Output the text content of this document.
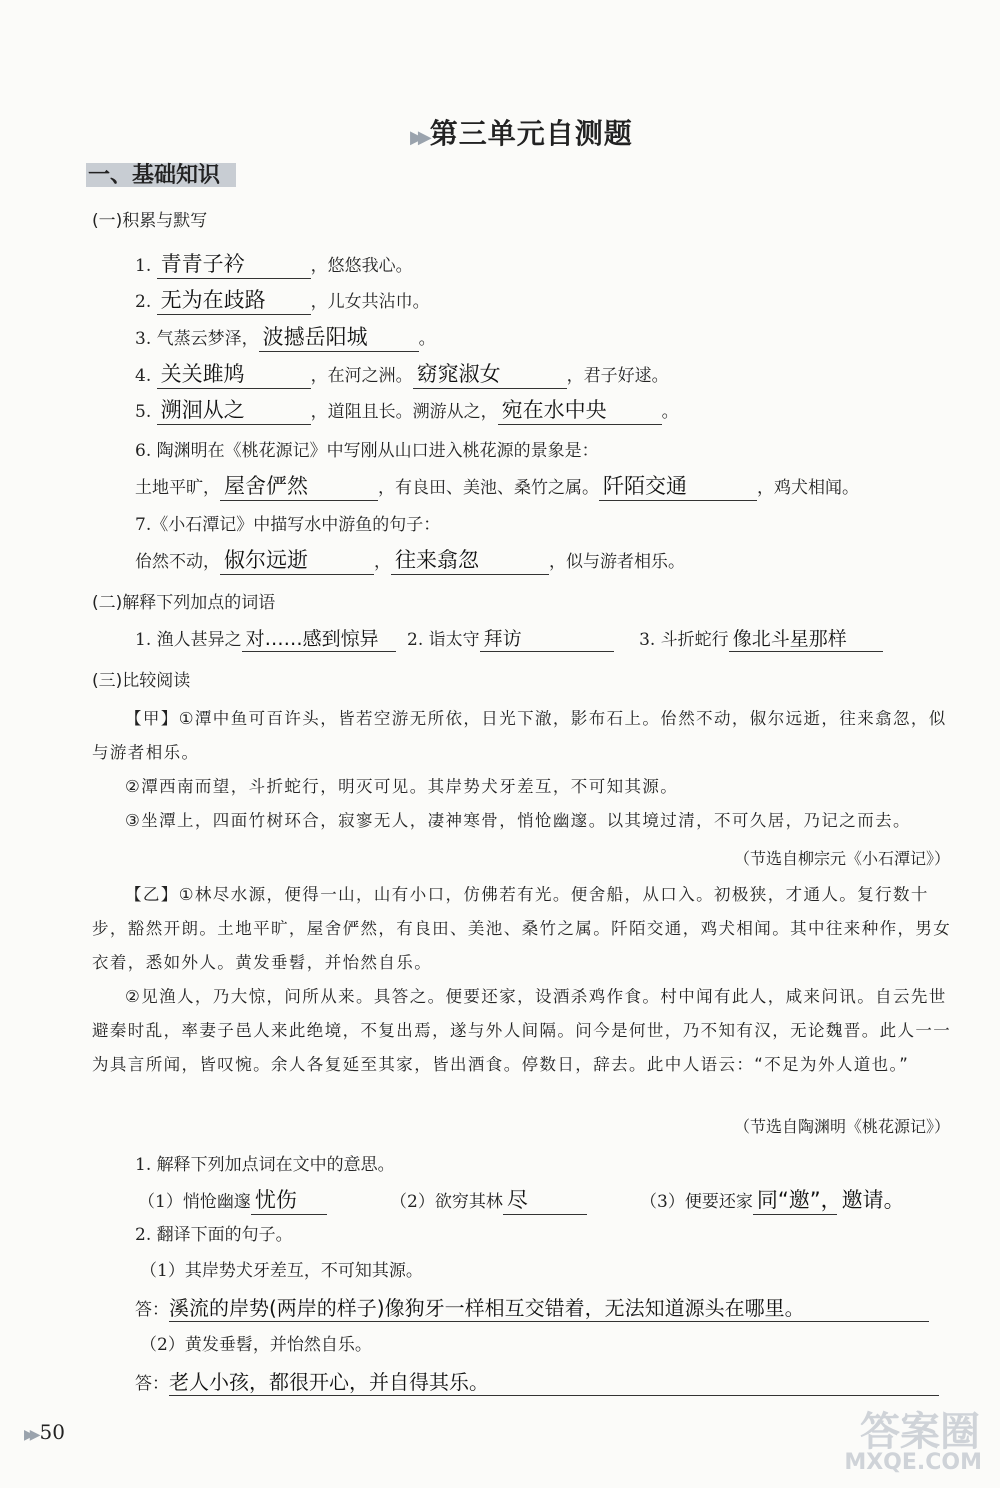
▶▶ 第三单元自测题
一、基础知识
(一)积累与默写
1. 青青子衿	，悠悠我心。
2. 无为在歧路	，儿女共沾巾。
3. 气蒸云梦泽， 波撼岳阳城	。
4. 关关雎鸠	，在河之洲。 窈窕淑女	，君子好逑。
5. 溯洄从之	，道阻且长。溯游从之， 宛在水中央	。
6. 陶渊明在《桃花源记》中写刚从山口进入桃花源的景象是：
土地平旷， 屋舍俨然	，有良田、美池、桑竹之属。 阡陌交通	，鸡犬相闻。
7.《小石潭记》中描写水中游鱼的句子：
佁然不动， 俶尔远逝	， 往来翕忽	，似与游者相乐。
(二)解释下列加点的词语
1. 渔人甚异之 对……感到惊异 2. 诣太守 拜访	3. 斗折蛇行 像北斗星那样
(三)比较阅读

【甲】①潭中鱼可百许头，皆若空游无所依，日光下澈，影布石上。佁然不动，俶尔远逝，往来翕忽，似与游者相乐。

②潭西南而望，斗折蛇行，明灭可见。其岸势犬牙差互，不可知其源。

③坐潭上，四面竹树环合，寂寥无人，凄神寒骨，悄怆幽邃。以其境过清，不可久居，乃记之而去。

（节选自柳宗元《小石潭记》）

【乙】①林尽水源，便得一山，山有小口，仿佛若有光。便舍船，从口入。初极狭，才通人。复行数十步，豁然开朗。土地平旷，屋舍俨然，有良田、美池、桑竹之属。阡陌交通，鸡犬相闻。其中往来种作，男女衣着，悉如外人。黄发垂髫，并怡然自乐。

②见渔人，乃大惊，问所从来。具答之。便要还家，设酒杀鸡作食。村中闻有此人，咸来问讯。自云先世避秦时乱，率妻子邑人来此绝境，不复出焉，遂与外人间隔。问今是何世，乃不知有汉，无论魏晋。此人一一为具言所闻，皆叹惋。余人各复延至其家，皆出酒食。停数日，辞去。此中人语云：“不足为外人道也。”

（节选自陶渊明《桃花源记》）
1. 解释下列加点词在文中的意思。
（1）悄怆幽邃 忧伤	（2）欲穷其林 尽	（3）便要还家 同“邀”，邀请。
2. 翻译下面的句子。
（1）其岸势犬牙差互，不可知其源。
答：溪流的岸势(两岸的样子)像狗牙一样相互交错着，无法知道源头在哪里。
（2）黄发垂髫，并怡然自乐。
答：老人小孩，都很开心，并自得其乐。
▶▶ 50	答案圈
MXQE.COM
